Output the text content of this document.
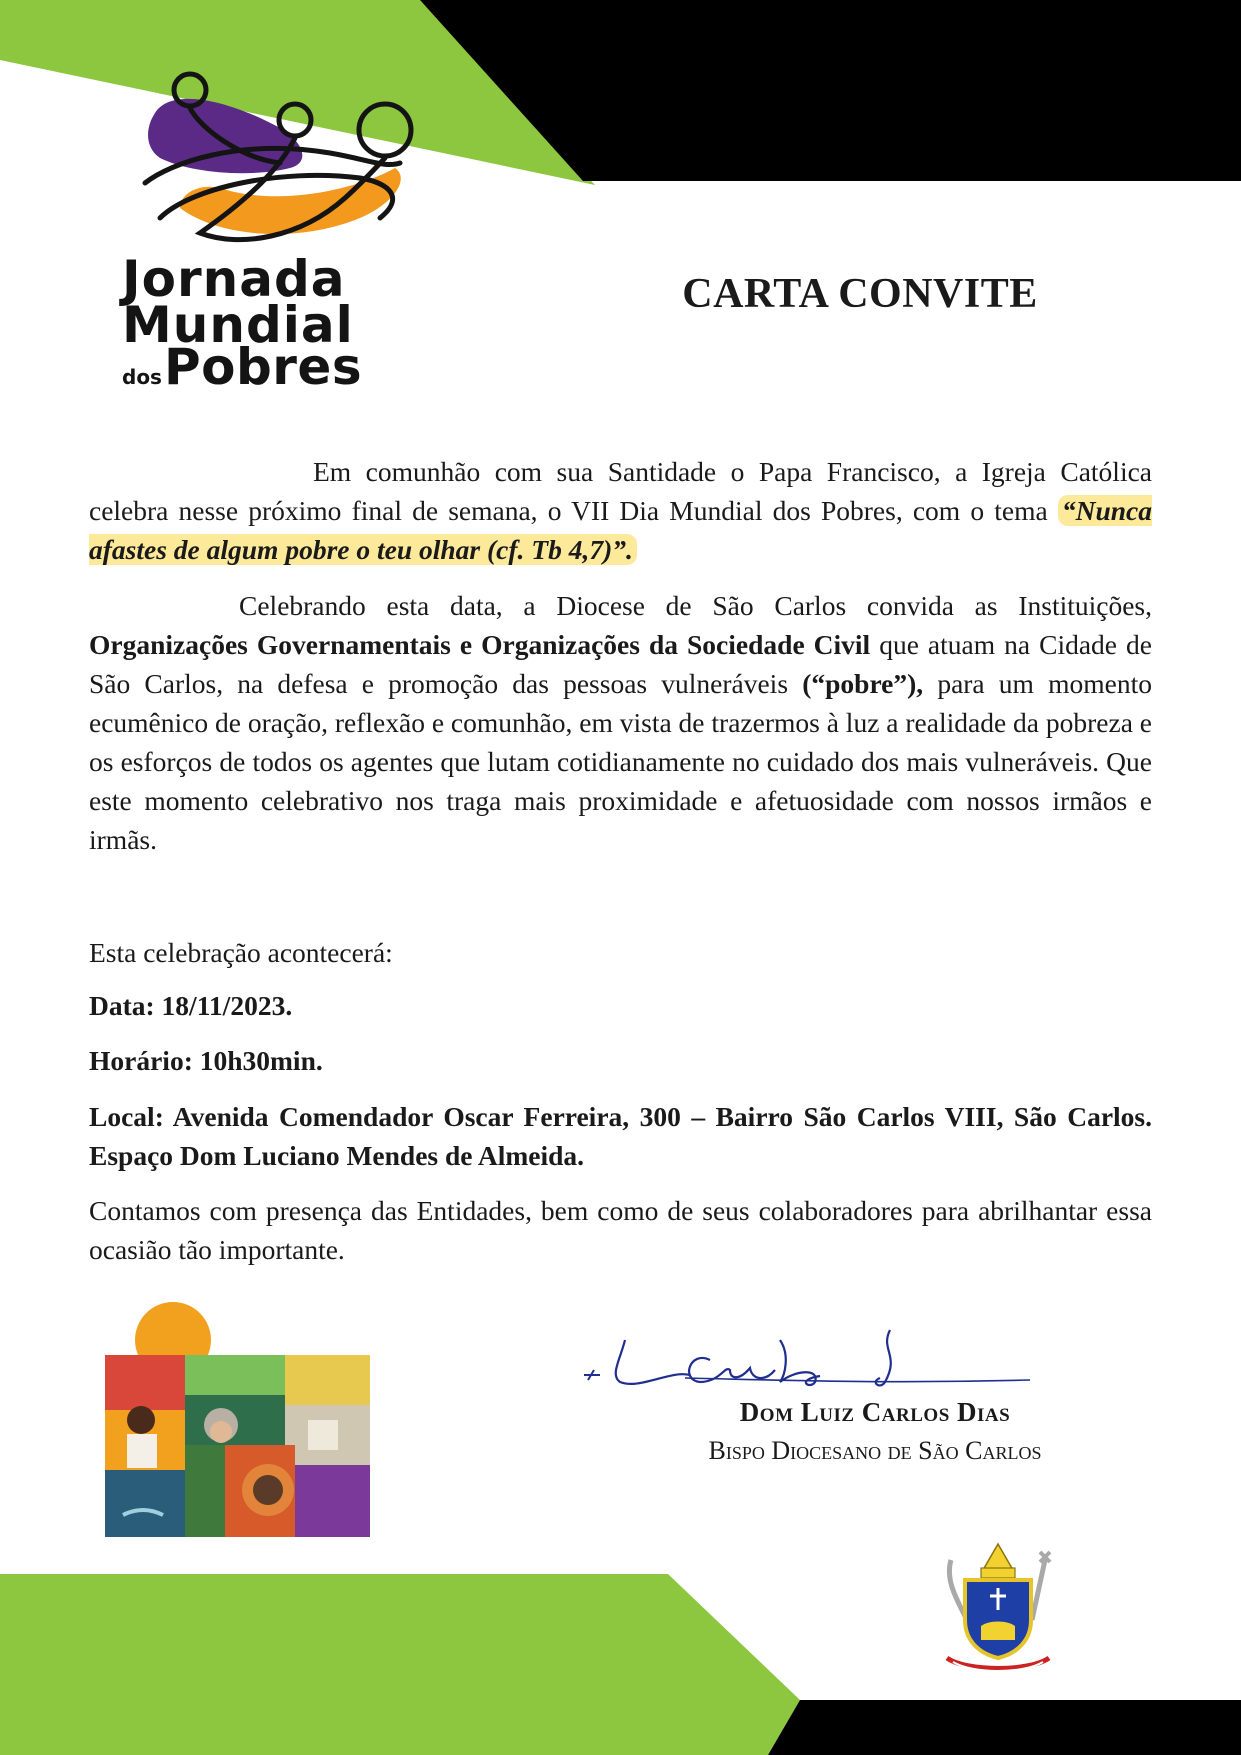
Jornada
Mundial
dosPobres
CARTA CONVITE
Em comunhão com sua Santidade o Papa Francisco, a Igreja Católica celebra nesse próximo final de semana, o VII Dia Mundial dos Pobres, com o tema “Nunca afastes de algum pobre o teu olhar (cf. Tb 4,7)”.
Celebrando esta data, a Diocese de São Carlos convida as Instituições, Organizações Governamentais e Organizações da Sociedade Civil que atuam na Cidade de São Carlos, na defesa e promoção das pessoas vulneráveis (“pobre”), para um momento ecumênico de oração, reflexão e comunhão, em vista de trazermos à luz a realidade da pobreza e os esforços de todos os agentes que lutam cotidianamente no cuidado dos mais vulneráveis. Que este momento celebrativo nos traga mais proximidade e afetuosidade com nossos irmãos e irmãs.
Esta celebração acontecerá:
Data: 18/11/2023.
Horário: 10h30min.
Local: Avenida Comendador Oscar Ferreira, 300 – Bairro São Carlos VIII, São Carlos. Espaço Dom Luciano Mendes de Almeida.
Contamos com presença das Entidades, bem como de seus colaboradores para abrilhantar essa ocasião tão importante.
Dom Luiz Carlos Dias
Bispo Diocesano de São Carlos
